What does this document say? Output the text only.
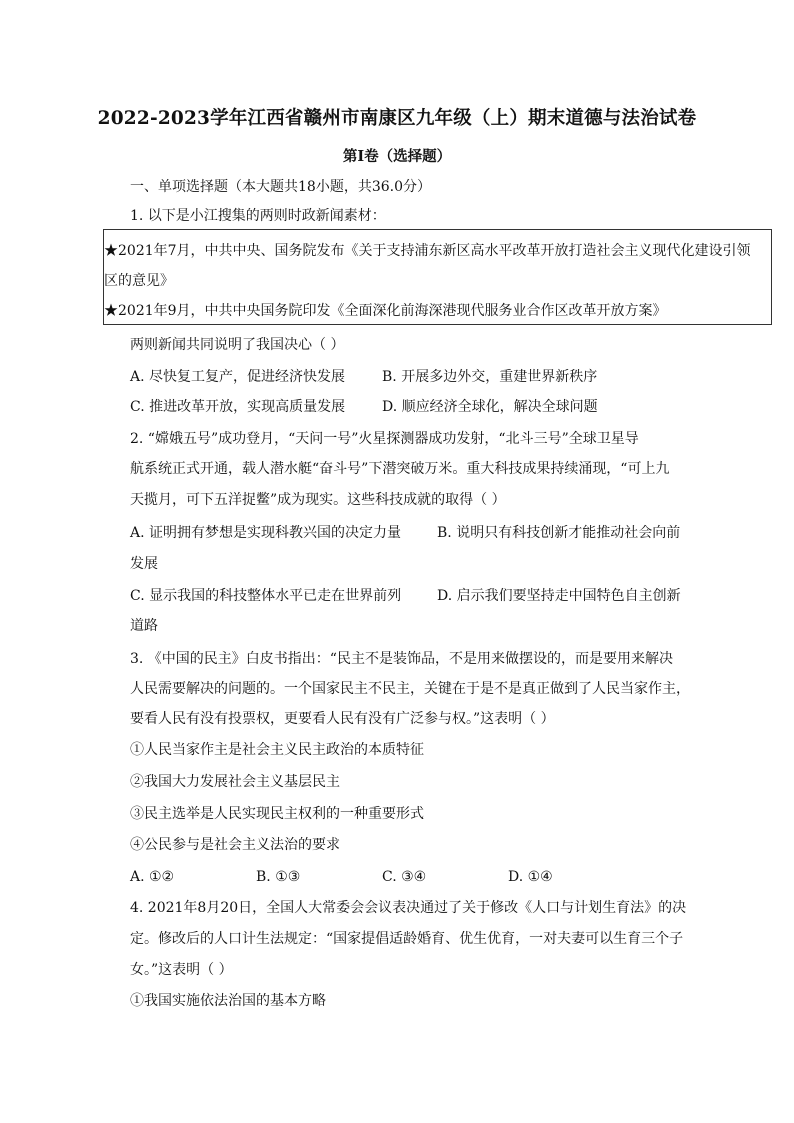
2022-2023学年江西省赣州市南康区九年级（上）期末道德与法治试卷
第I卷（选择题）
一、单项选择题（本大题共18小题，共36.0分）
1. 以下是小江搜集的两则时政新闻素材：
★2021年7月，中共中央、国务院发布《关于支持浦东新区高水平改革开放打造社会主义现代化建设引领
区的意见》
★2021年9月，中共中央国务院印发《全面深化前海深港现代服务业合作区改革开放方案》
两则新闻共同说明了我国决心（ ）
A. 尽快复工复产，促进经济快发展	B. 开展多边外交，重建世界新秩序
C. 推进改革开放，实现高质量发展	D. 顺应经济全球化，解决全球问题
2. “嫦娥五号”成功登月，“天问一号”火星探测器成功发射，“北斗三号”全球卫星导
航系统正式开通，载人潜水艇“奋斗号”下潜突破万米。重大科技成果持续涌现，“可上九
天揽月，可下五洋捉鳖”成为现实。这些科技成就的取得（ ）
A. 证明拥有梦想是实现科教兴国的决定力量	B. 说明只有科技创新才能推动社会向前
发展
C. 显示我国的科技整体水平已走在世界前列	D. 启示我们要坚持走中国特色自主创新
道路
3. 《中国的民主》白皮书指出：“民主不是装饰品，不是用来做摆设的，而是要用来解决
人民需要解决的问题的。一个国家民主不民主，关键在于是不是真正做到了人民当家作主，
要看人民有没有投票权，更要看人民有没有广泛参与权。”这表明（ ）
①人民当家作主是社会主义民主政治的本质特征
②我国大力发展社会主义基层民主
③民主选举是人民实现民主权利的一种重要形式
④公民参与是社会主义法治的要求
A. ①②	B. ①③	C. ③④	D. ①④
4. 2021年8月20日，全国人大常委会会议表决通过了关于修改《人口与计划生育法》的决
定。修改后的人口计生法规定：“国家提倡适龄婚育、优生优育，一对夫妻可以生育三个子
女。”这表明（ ）
①我国实施依法治国的基本方略
